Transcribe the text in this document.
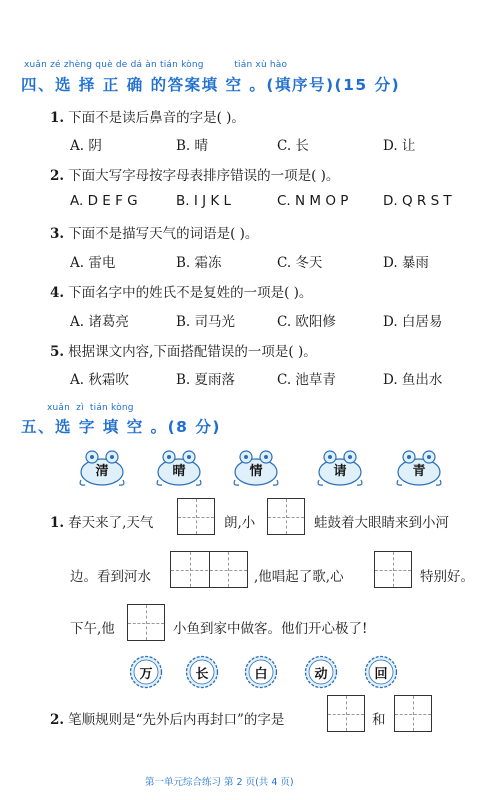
xuǎn zé zhèng què de dá àn tián kòng          tián xù hào
四、选 择 正 确 的答案填 空 。(填序号)(15 分)
1. 下面不是读后鼻音的字是( )。
A. 阴	B. 晴	C. 长	D. 让
2. 下面大写字母按字母表排序错误的一项是( )。
A. D E F G	B. I J K L	C. N M O P	D. Q R S T
3. 下面不是描写天气的词语是( )。
A. 雷电	B. 霜冻	C. 冬天	D. 暴雨
4. 下面名字中的姓氏不是复姓的一项是( )。
A. 诸葛亮	B. 司马光	C. 欧阳修	D. 白居易
5. 根据课文内容,下面搭配错误的一项是( )。
A. 秋霜吹	B. 夏雨落	C. 池草青	D. 鱼出水
xuǎn  zì  tián kòng
五、选 字 填 空 。(8 分)
清	晴	情	请	青
1. 春天来了,天气	朗,小	蛙鼓着大眼睛来到小河
边。看到河水	,他唱起了歌,心	特别好。
下午,他	小鱼到家中做客。他们开心极了!
万	长	白	动	回
2. 笔顺规则是“先外后内再封口”的字是	和
第一单元综合练习 第 2 页(共 4 页)
